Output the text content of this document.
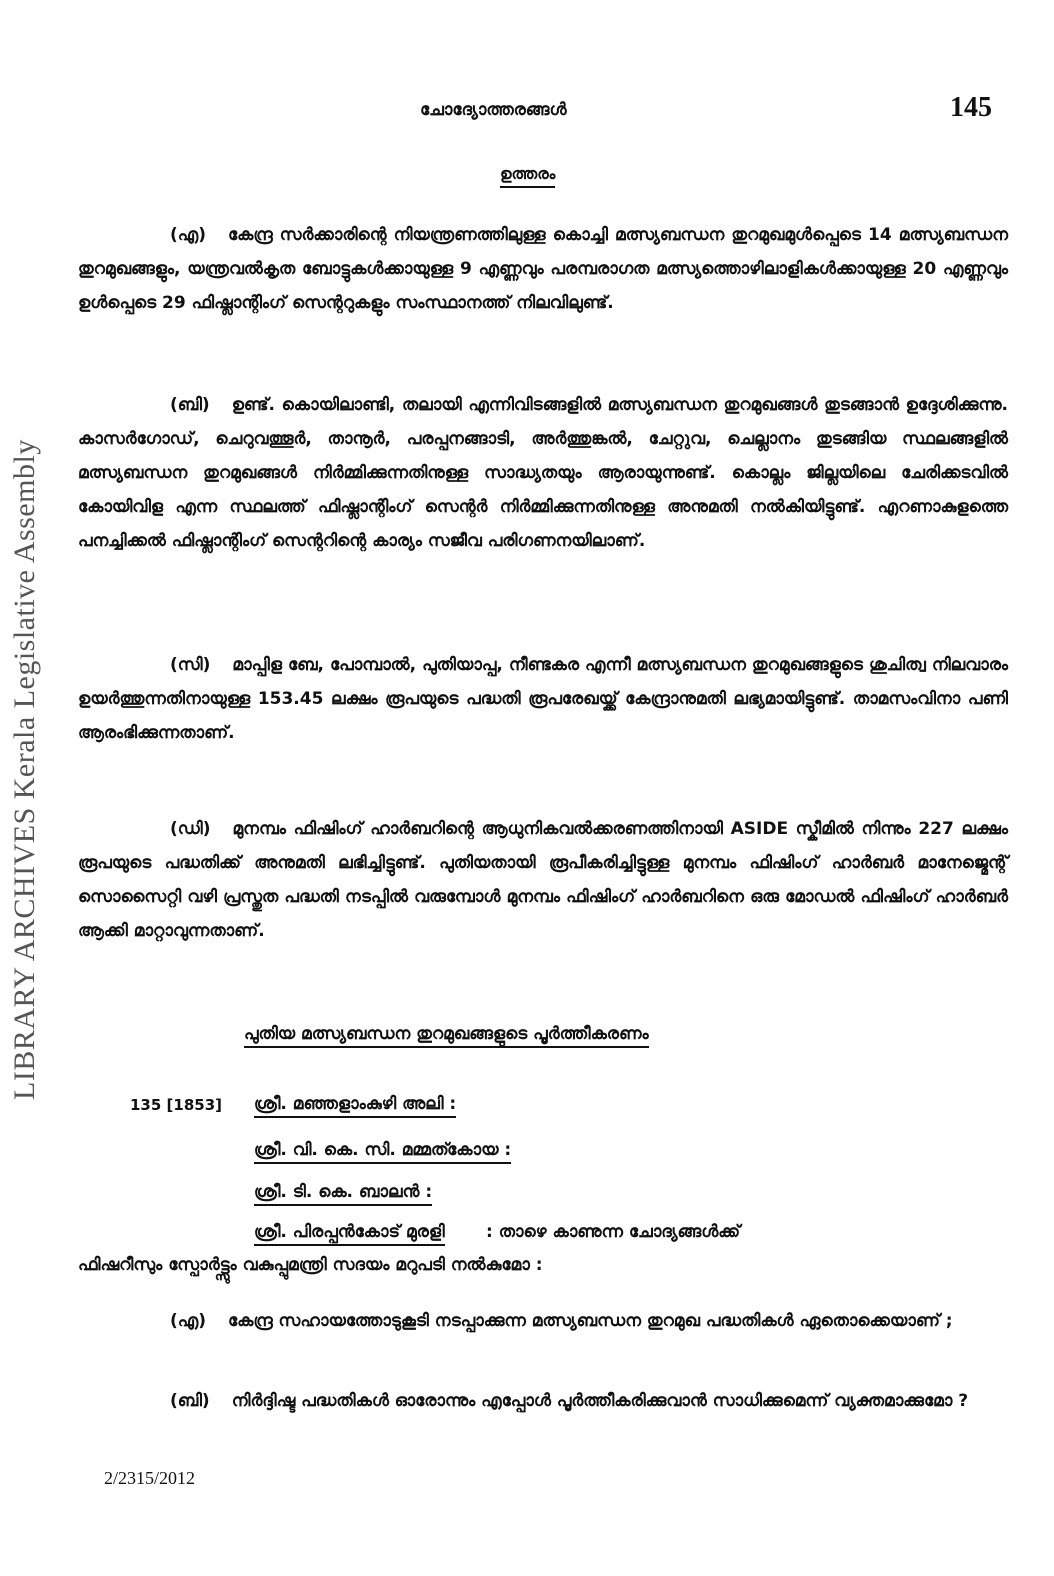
LIBRARY ARCHIVES Kerala Legislative Assembly
ചോദ്യോത്തരങ്ങൾ	145
ഉത്തരം

(എ) കേന്ദ്ര സർക്കാരിന്റെ നിയന്ത്രണത്തിലുള്ള കൊച്ചി മത്സ്യബന്ധന തുറമുഖമുൾപ്പെടെ 14 മത്സ്യബന്ധന തുറമുഖങ്ങളും, യന്ത്രവൽകൃത ബോട്ടുകൾക്കായുള്ള 9 എണ്ണവും പരമ്പരാഗത മത്സ്യത്തൊഴിലാളികൾക്കായുള്ള 20 എണ്ണവും ഉൾപ്പെടെ 29 ഫിഷ്ലാന്റിംഗ് സെന്ററുകളും സംസ്ഥാനത്ത് നിലവിലുണ്ട്.

(ബി) ഉണ്ട്. കൊയിലാണ്ടി, തലായി എന്നിവിടങ്ങളിൽ മത്സ്യബന്ധന തുറമുഖങ്ങൾ തുടങ്ങാൻ ഉദ്ദേശിക്കുന്നു. കാസർഗോഡ്, ചെറുവത്തൂർ, താനൂർ, പരപ്പനങ്ങാടി, അർത്തുങ്കൽ, ചേറ്റുവ, ചെല്ലാനം തുടങ്ങിയ സ്ഥലങ്ങളിൽ മത്സ്യബന്ധന തുറമുഖങ്ങൾ നിർമ്മിക്കുന്നതിനുള്ള സാദ്ധ്യതയും ആരായുന്നുണ്ട്. കൊല്ലം ജില്ലയിലെ ചേരിക്കടവിൽ കോയിവിള എന്ന സ്ഥലത്ത് ഫിഷ്ലാന്റിംഗ് സെന്റർ നിർമ്മിക്കുന്നതിനുള്ള അനുമതി നൽകിയിട്ടുണ്ട്. എറണാകുളത്തെ പനച്ചിക്കൽ ഫിഷ്ലാന്റിംഗ് സെന്ററിന്റെ കാര്യം സജീവ പരിഗണനയിലാണ്.

(സി) മാപ്പിള ബേ, പോമ്പാൽ, പുതിയാപ്പ, നീണ്ടകര എന്നീ മത്സ്യബന്ധന തുറമുഖങ്ങളുടെ ശുചിത്വ നിലവാരം ഉയർത്തുന്നതിനായുള്ള 153.45 ലക്ഷം രൂപയുടെ പദ്ധതി രൂപരേഖയ്ക്ക് കേന്ദ്രാനുമതി ലഭ്യമായിട്ടുണ്ട്. താമസംവിനാ പണി ആരംഭിക്കുന്നതാണ്.

(ഡി) മുനമ്പം ഫിഷിംഗ് ഹാർബറിന്റെ ആധുനികവൽക്കരണത്തിനായി ASIDE സ്കീമിൽ നിന്നും 227 ലക്ഷം രൂപയുടെ പദ്ധതിക്ക് അനുമതി ലഭിച്ചിട്ടുണ്ട്. പുതിയതായി രൂപീകരിച്ചിട്ടുള്ള മുനമ്പം ഫിഷിംഗ് ഹാർബർ മാനേജ്മെന്റ് സൊസൈറ്റി വഴി പ്രസ്തുത പദ്ധതി നടപ്പിൽ വരുമ്പോൾ മുനമ്പം ഫിഷിംഗ് ഹാർബറിനെ ഒരു മോഡൽ ഫിഷിംഗ് ഹാർബർ ആക്കി മാറ്റാവുന്നതാണ്.

പുതിയ മത്സ്യബന്ധന തുറമുഖങ്ങളുടെ പൂർത്തീകരണം
135 [1853] ശ്രീ. മഞ്ഞളാംകുഴി അലി :
ശ്രീ. വി. കെ. സി. മമ്മത്കോയ :
ശ്രീ. ടി. കെ. ബാലൻ :
ശ്രീ. പിരപ്പൻകോട് മുരളി : താഴെ കാണുന്ന ചോദ്യങ്ങൾക്ക്

ഫിഷറീസും സ്പോർട്ട്സും വകുപ്പുമന്ത്രി സദയം മറുപടി നൽകുമോ :

(എ) കേന്ദ്ര സഹായത്തോടുകൂടി നടപ്പാക്കുന്ന മത്സ്യബന്ധന തുറമുഖ പദ്ധതികൾ ഏതൊക്കെയാണ് ;

(ബി) നിർദ്ദിഷ്ട പദ്ധതികൾ ഓരോന്നും എപ്പോൾ പൂർത്തീകരിക്കുവാൻ സാധിക്കുമെന്ന് വ്യക്തമാക്കുമോ ?

2/2315/2012
